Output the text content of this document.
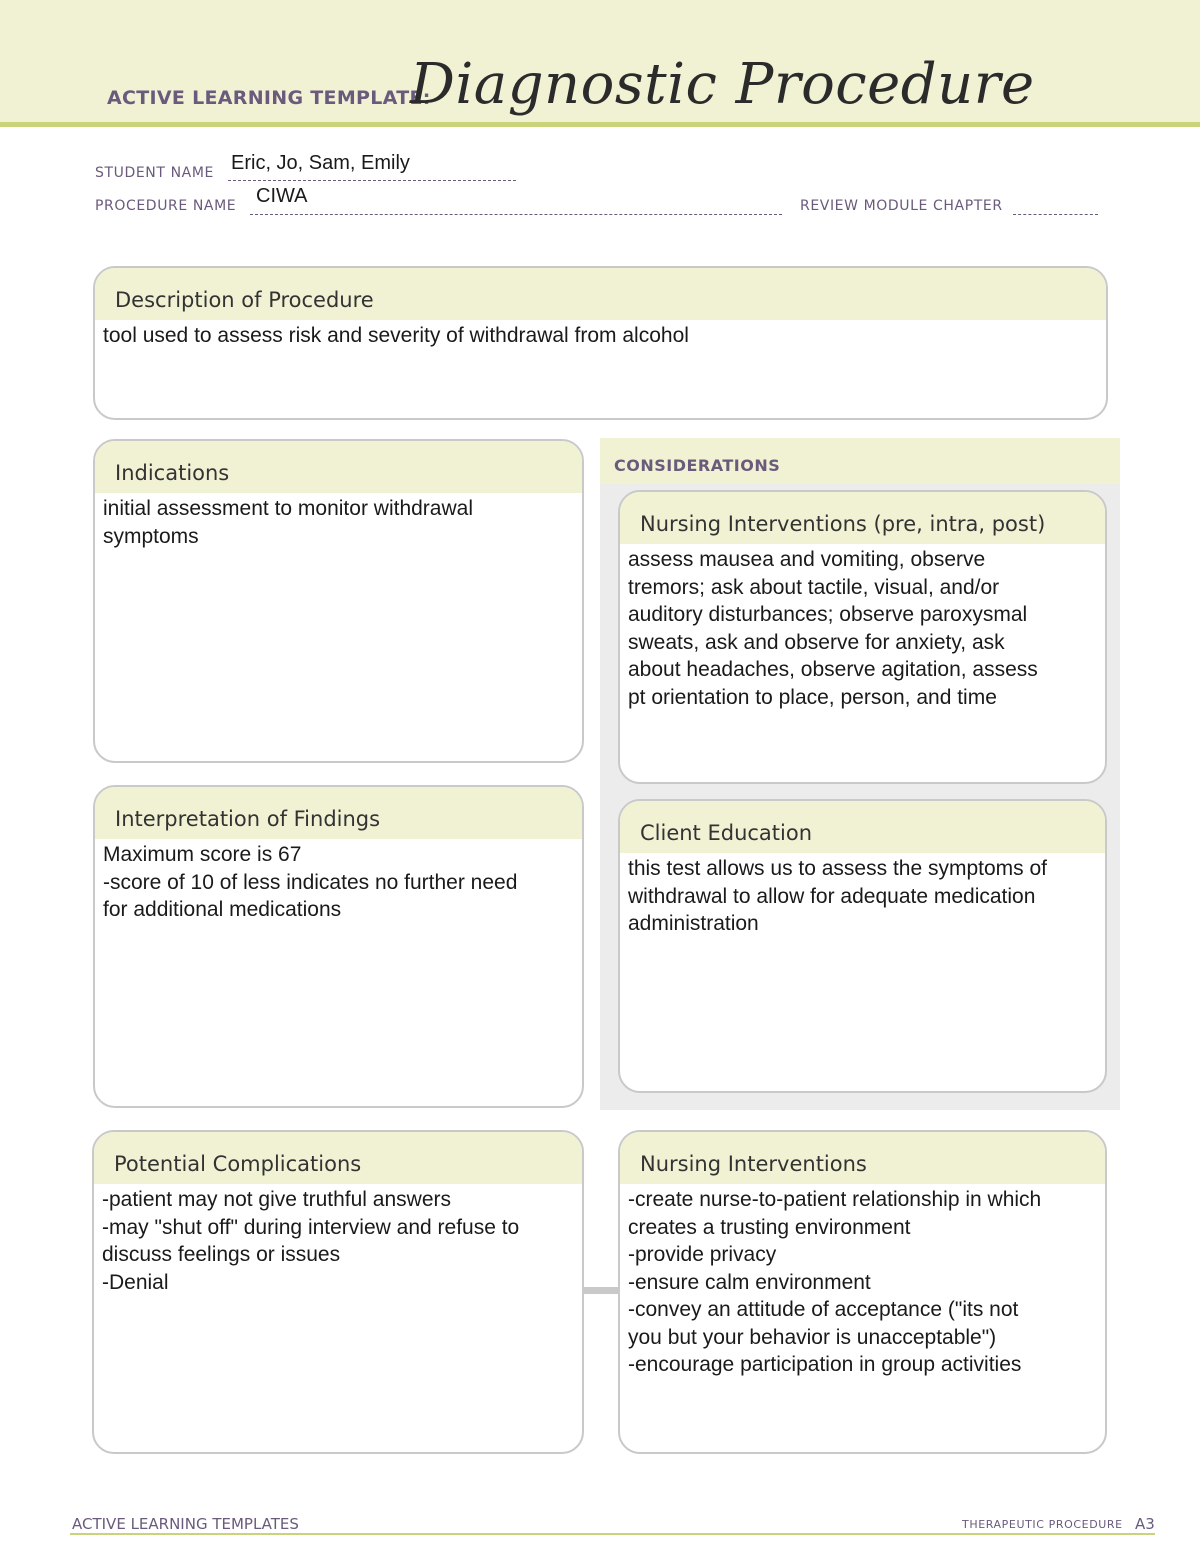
ACTIVE LEARNING TEMPLATE:
Diagnostic Procedure
STUDENT NAME Eric, Jo, Sam, Emily
PROCEDURE NAME CIWA	REVIEW MODULE CHAPTER
Description of Procedure
tool used to assess risk and severity of withdrawal from alcohol
CONSIDERATIONS
Indications
initial assessment to monitor withdrawal
symptoms	Nursing Interventions (pre, intra, post)
assess mausea and vomiting, observe
tremors; ask about tactile, visual, and/or
auditory disturbances; observe paroxysmal
sweats, ask and observe for anxiety, ask
about headaches, observe agitation, assess
pt orientation to place, person, and time
Interpretation of Findings
Maximum score is 67
-score of 10 of less indicates no further need
for additional medications
Client Education
this test allows us to assess the symptoms of
withdrawal to allow for adequate medication
administration
Potential Complications
-patient may not give truthful answers
-may "shut off" during interview and refuse to
discuss feelings or issues
-Denial
Nursing Interventions
-create nurse-to-patient relationship in which
creates a trusting environment
-provide privacy
-ensure calm environment
-convey an attitude of acceptance ("its not
you but your behavior is unacceptable")
-encourage participation in group activities
ACTIVE LEARNING TEMPLATES	THERAPEUTIC PROCEDURE A3
